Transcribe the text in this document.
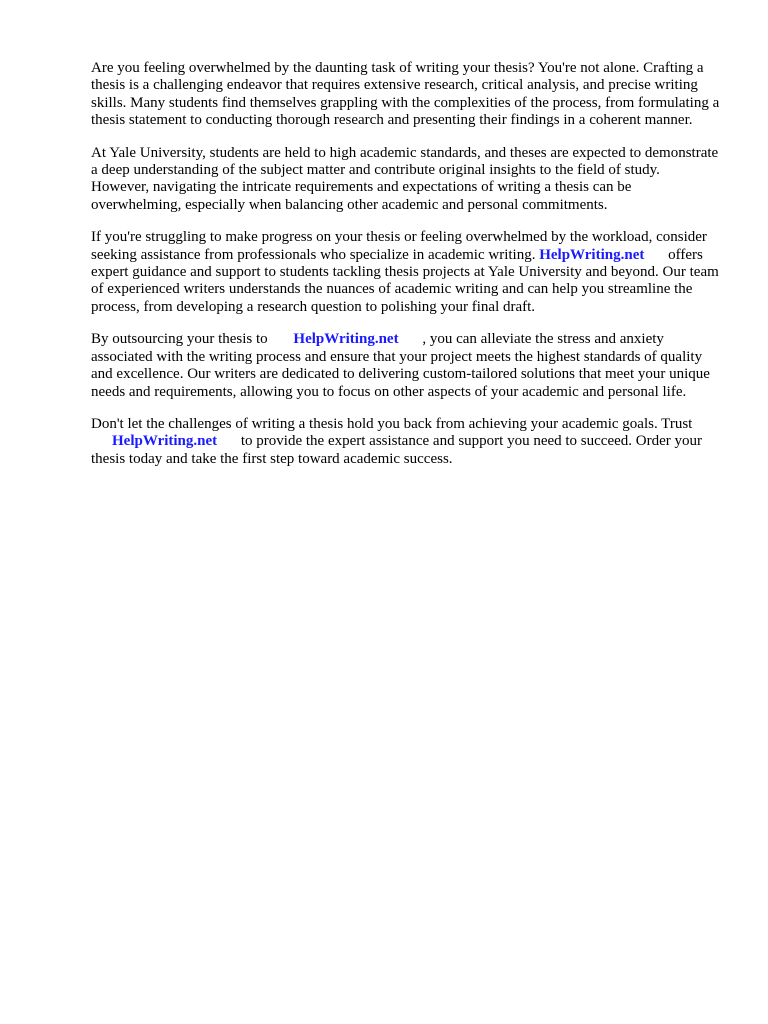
Are you feeling overwhelmed by the daunting task of writing your thesis? You're not alone. Crafting a thesis is a challenging endeavor that requires extensive research, critical analysis, and precise writing skills. Many students find themselves grappling with the complexities of the process, from formulating a thesis statement to conducting thorough research and presenting their findings in a coherent manner.

At Yale University, students are held to high academic standards, and theses are expected to demonstrate a deep understanding of the subject matter and contribute original insights to the field of study. However, navigating the intricate requirements and expectations of writing a thesis can be overwhelming, especially when balancing other academic and personal commitments.

If you're struggling to make progress on your thesis or feeling overwhelmed by the workload, consider seeking assistance from professionals who specialize in academic writing. HelpWriting.net offers expert guidance and support to students tackling thesis projects at Yale University and beyond. Our team of experienced writers understands the nuances of academic writing and can help you streamline the process, from developing a research question to polishing your final draft.

By outsourcing your thesis to HelpWriting.net , you can alleviate the stress and anxiety associated with the writing process and ensure that your project meets the highest standards of quality and excellence. Our writers are dedicated to delivering custom-tailored solutions that meet your unique needs and requirements, allowing you to focus on other aspects of your academic and personal life.

Don't let the challenges of writing a thesis hold you back from achieving your academic goals. Trust HelpWriting.net to provide the expert assistance and support you need to succeed. Order your thesis today and take the first step toward academic success.
